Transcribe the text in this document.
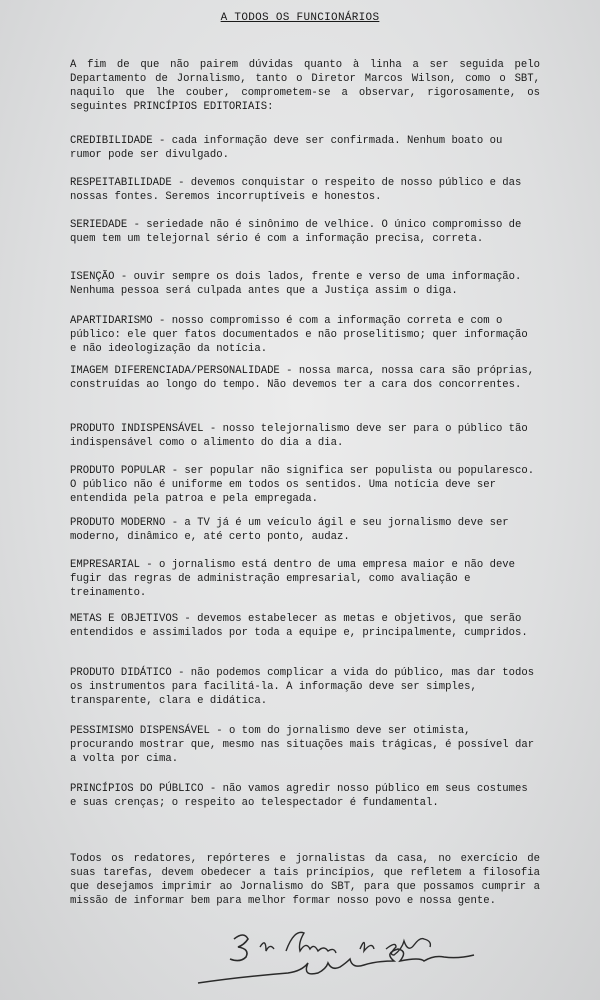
A TODOS OS FUNCIONÁRIOS
A fim de que não pairem dúvidas quanto à linha a ser seguida pelo Departamento de Jornalismo, tanto o Diretor Marcos Wilson, como o SBT, naquilo que lhe couber, comprometem-se a observar, rigorosamente, os seguintes PRINCÍPIOS EDITORIAIS:
CREDIBILIDADE - cada informação deve ser confirmada. Nenhum boato ou rumor pode ser divulgado.
RESPEITABILIDADE - devemos conquistar o respeito de nosso público e das nossas fontes. Seremos incorruptíveis e honestos.
SERIEDADE - seriedade não é sinônimo de velhice. O único compromisso de quem tem um telejornal sério é com a informação precisa, correta.
ISENÇÃO - ouvir sempre os dois lados, frente e verso de uma informação. Nenhuma pessoa será culpada antes que a Justiça assim o diga.
APARTIDARISMO - nosso compromisso é com a informação correta e com o público: ele quer fatos documentados e não proselitismo; quer informação e não ideologização da notícia.
IMAGEM DIFERENCIADA/PERSONALIDADE - nossa marca, nossa cara são próprias, construídas ao longo do tempo. Não devemos ter a cara dos concorrentes.
PRODUTO INDISPENSÁVEL - nosso telejornalismo deve ser para o público tão indispensável como o alimento do dia a dia.
PRODUTO POPULAR - ser popular não significa ser populista ou popularesco. O público não é uniforme em todos os sentidos. Uma notícia deve ser entendida pela patroa e pela empregada.
PRODUTO MODERNO - a TV já é um veículo ágil e seu jornalismo deve ser moderno, dinâmico e, até certo ponto, audaz.
EMPRESARIAL - o jornalismo está dentro de uma empresa maior e não deve fugir das regras de administração empresarial, como avaliação e treinamento.
METAS E OBJETIVOS - devemos estabelecer as metas e objetivos, que serão entendidos e assimilados por toda a equipe e, principalmente, cumpridos.
PRODUTO DIDÁTICO - não podemos complicar a vida do público, mas dar todos os instrumentos para facilitá-la. A informação deve ser simples, transparente, clara e didática.
PESSIMISMO DISPENSÁVEL - o tom do jornalismo deve ser otimista, procurando mostrar que, mesmo nas situações mais trágicas, é possível dar a volta por cima.
PRINCÍPIOS DO PÚBLICO - não vamos agredir nosso público em seus costumes e suas crenças; o respeito ao telespectador é fundamental.
Todos os redatores, repórteres e jornalistas da casa, no exercício de suas tarefas, devem obedecer a tais princípios, que refletem a filosofia que desejamos imprimir ao Jornalismo do SBT, para que possamos cumprir a missão de informar bem para melhor formar nosso povo e nossa gente.
